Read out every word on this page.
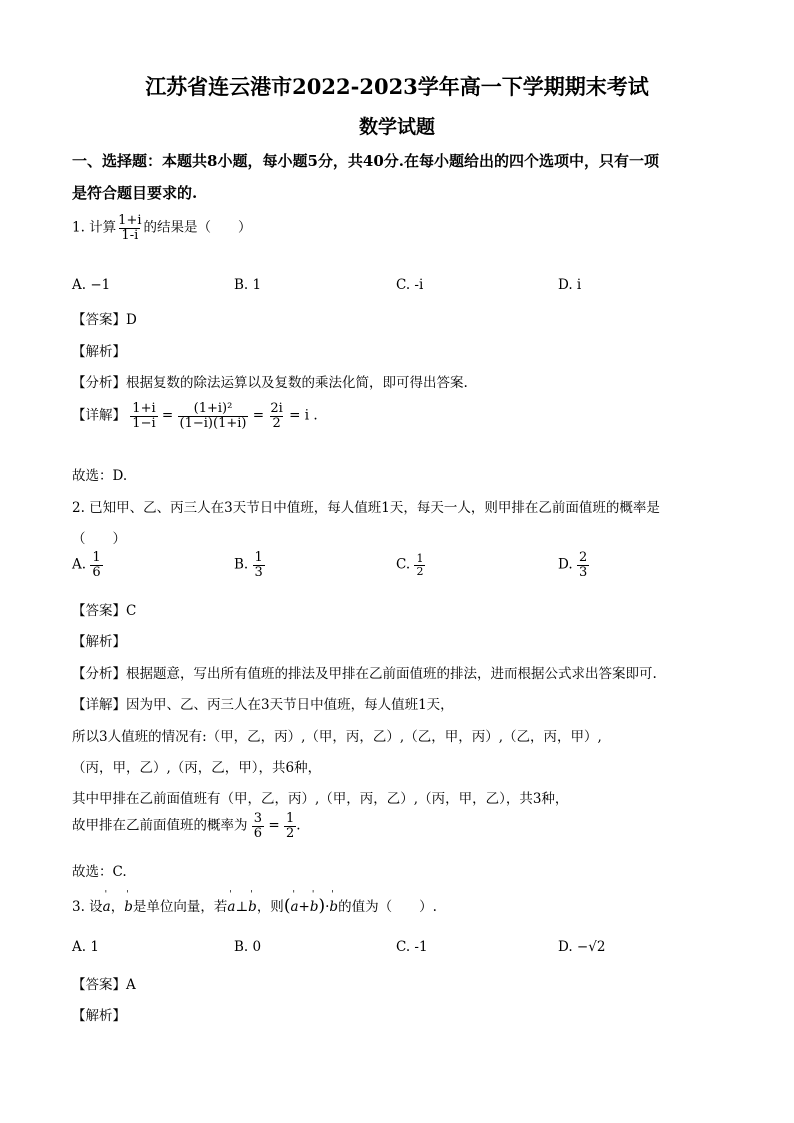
江苏省连云港市2022-2023学年高一下学期期末考试
数学试题
一、选择题：本题共8小题，每小题5分，共40分.在每小题给出的四个选项中，只有一项
是符合题目要求的.
1. 计算 $\frac{1+i}{1-i}$ 的结果是（　　）
A. −1	B. 1	C. -i	D. i
【答案】D
【解析】
【分析】根据复数的除法运算以及复数的乘法化简，即可得出答案.
【详解】 $\frac{1+i}{1-i} = \frac{\text{(1+i)²}}{(1-i)(1+i)} = \frac{2i}{2} = i$ .
故选：D.
2. 已知甲、乙、丙三人在3天节日中值班，每人值班1天，每天一人，则甲排在乙前面值班的概率是
（　　）
A. $\frac{1}{6}$	B. $\frac{1}{3}$	C. $\frac{1}{2}$	D. $\frac{2}{3}$
【答案】C
【解析】
【分析】根据题意，写出所有值班的排法及甲排在乙前面值班的排法，进而根据公式求出答案即可.
【详解】因为甲、乙、丙三人在3天节日中值班，每人值班1天，
所以3人值班的情况有:（甲，乙，丙）,（甲，丙，乙）,（乙，甲，丙）,（乙，丙，甲）,
（丙，甲，乙）,（丙，乙，甲），共6种，
其中甲排在乙前面值班有（甲，乙，丙）,（甲，丙，乙）,（丙，甲，乙），共3种，
故甲排在乙前面值班的概率为 $\frac{3}{6} = \frac{1}{2}$ .
故选：C.
3. 设' a，' b是单位向量，若' a⊥' b，则(' a+' b)·' b的值为（　　）.
A. 1	B. 0	C. -1	D. −√2
【答案】A
【解析】
